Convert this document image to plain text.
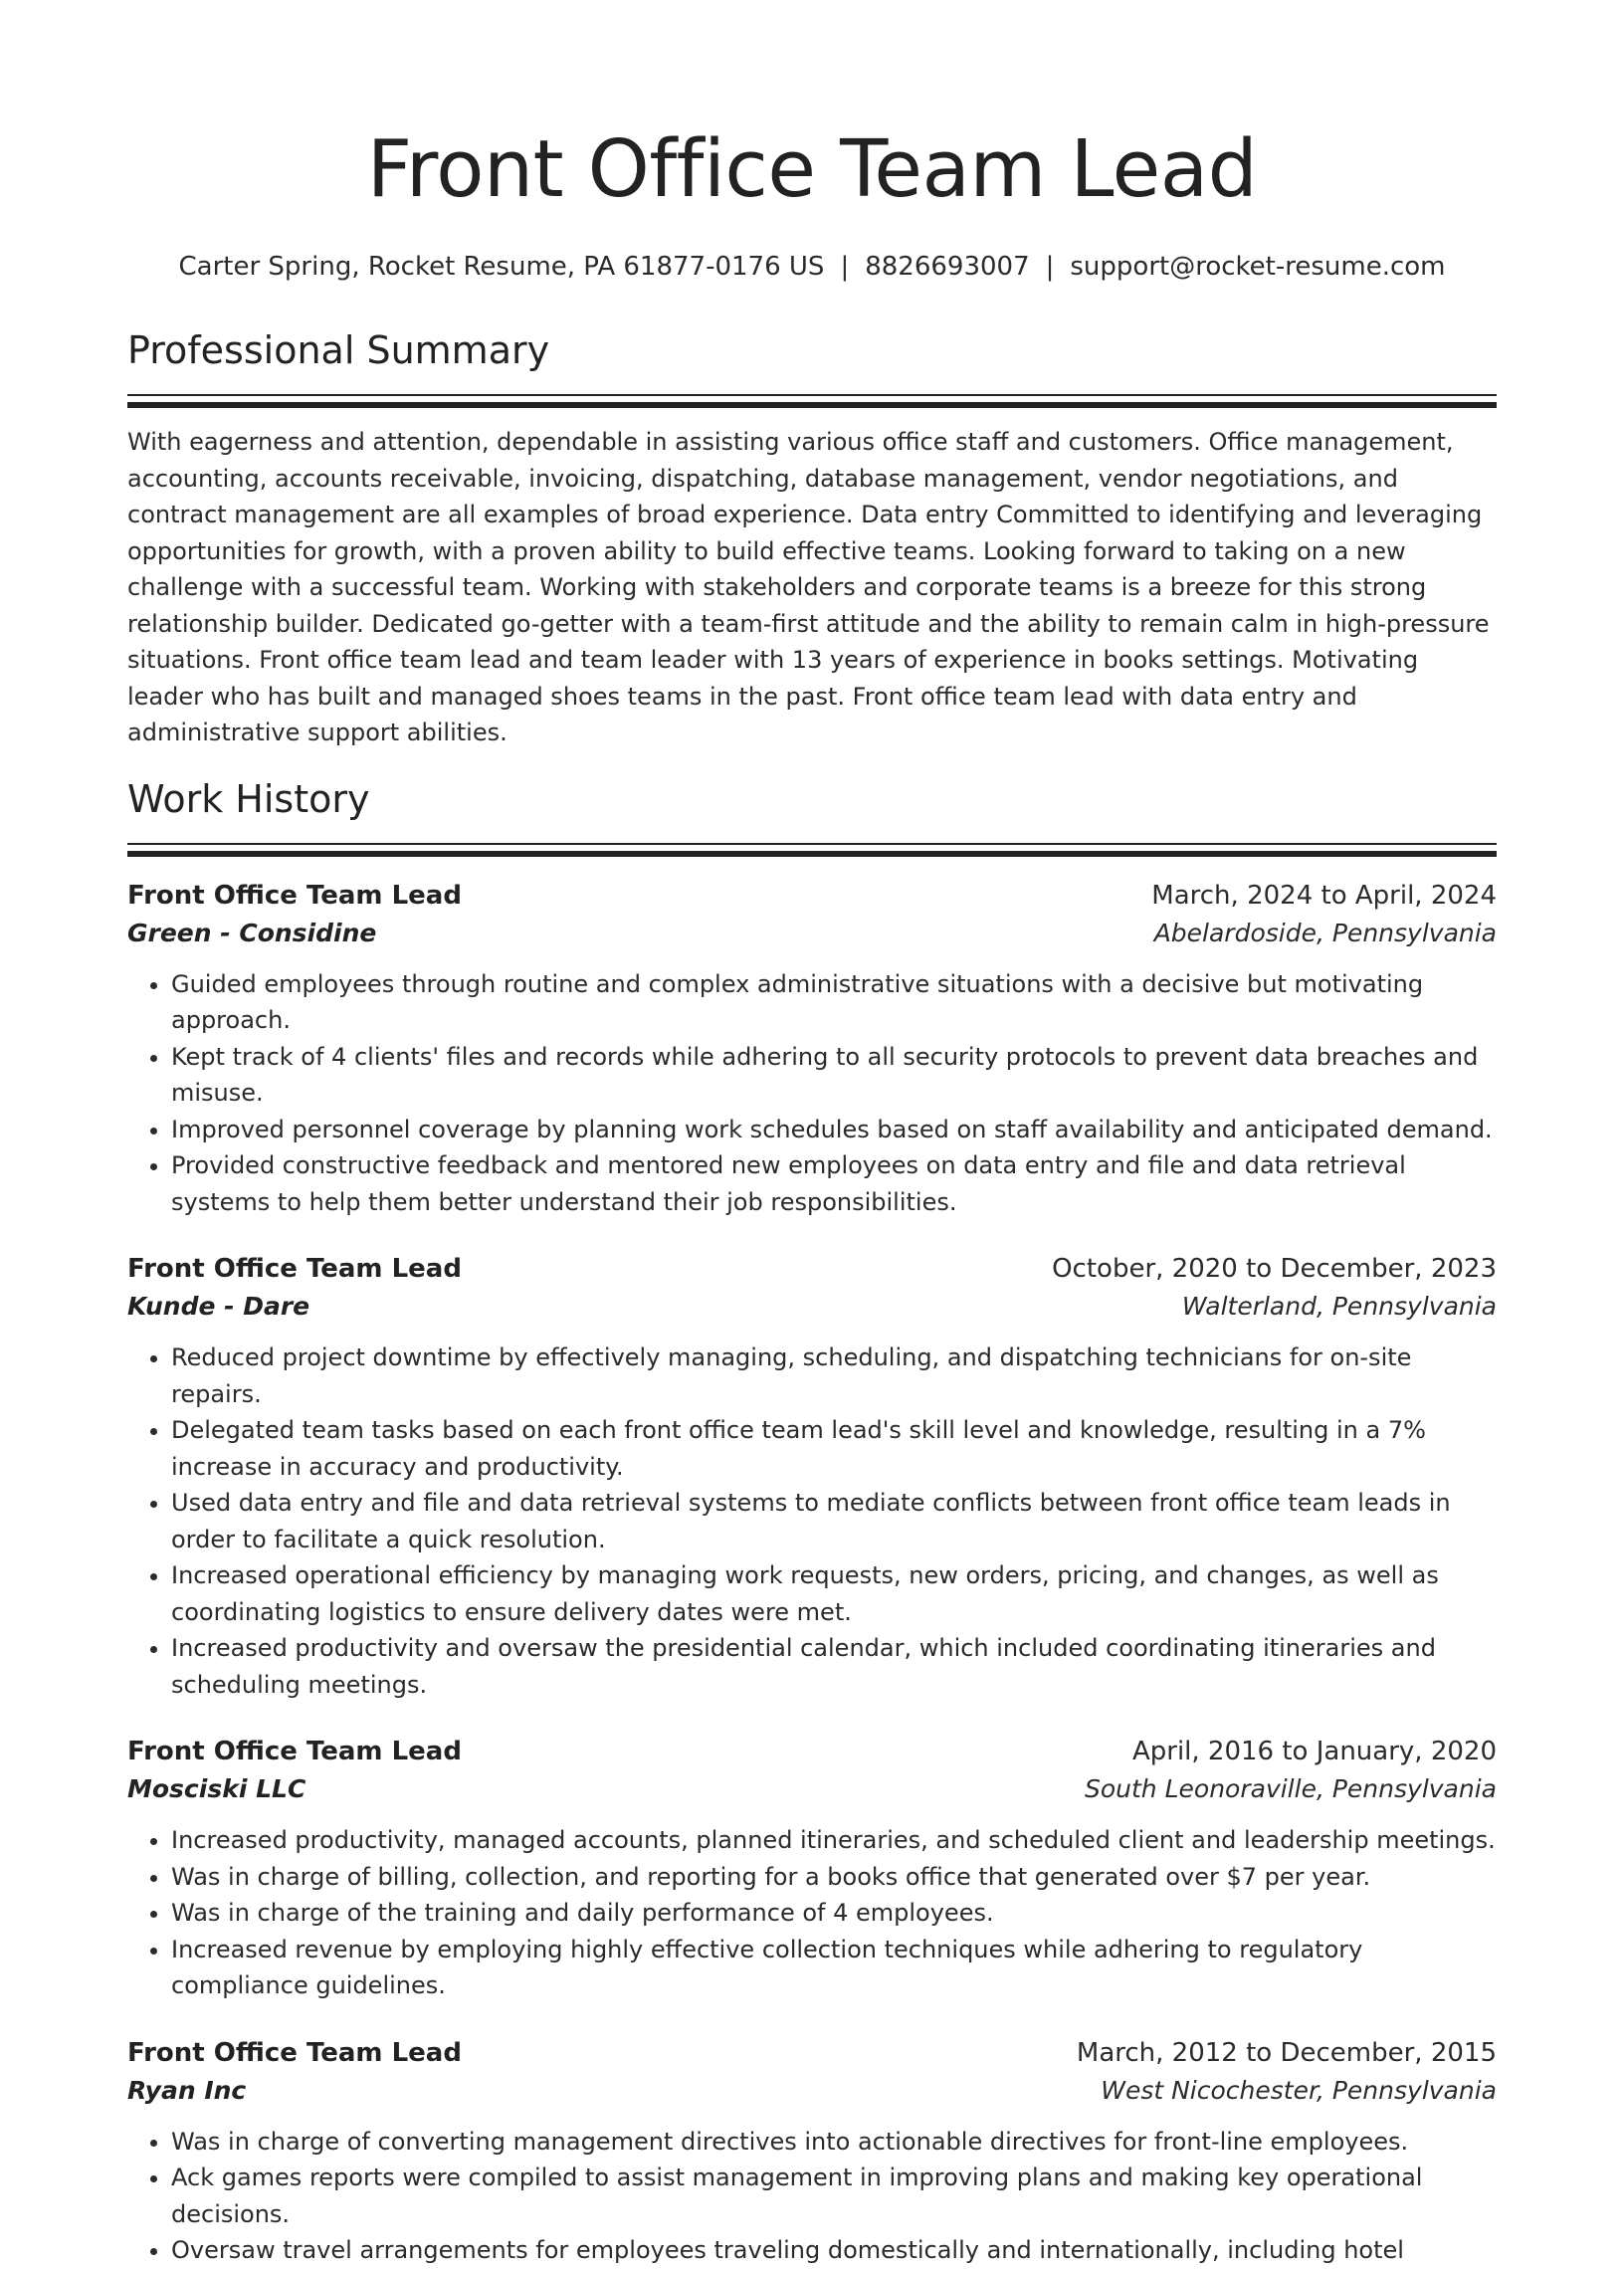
Front Office Team Lead
Carter Spring, Rocket Resume, PA 61877-0176 US | 8826693007 | support@rocket-resume.com
Professional Summary

With eagerness and attention, dependable in assisting various office staff and customers. Office management, accounting, accounts receivable, invoicing, dispatching, database management, vendor negotiations, and contract management are all examples of broad experience. Data entry Committed to identifying and leveraging opportunities for growth, with a proven ability to build effective teams. Looking forward to taking on a new challenge with a successful team. Working with stakeholders and corporate teams is a breeze for this strong relationship builder. Dedicated go-getter with a team-first attitude and the ability to remain calm in high-pressure situations. Front office team lead and team leader with 13 years of experience in books settings. Motivating leader who has built and managed shoes teams in the past. Front office team lead with data entry and administrative support abilities.

Work History
Front Office Team Lead	March, 2024 to April, 2024
Green - Considine	Abelardoside, Pennsylvania
• Guided employees through routine and complex administrative situations with a decisive but motivating approach.
• Kept track of 4 clients' files and records while adhering to all security protocols to prevent data breaches and misuse.
• Improved personnel coverage by planning work schedules based on staff availability and anticipated demand.
• Provided constructive feedback and mentored new employees on data entry and file and data retrieval systems to help them better understand their job responsibilities.
Front Office Team Lead	October, 2020 to December, 2023
Kunde - Dare	Walterland, Pennsylvania
• Reduced project downtime by effectively managing, scheduling, and dispatching technicians for on-site repairs.
• Delegated team tasks based on each front office team lead's skill level and knowledge, resulting in a 7% increase in accuracy and productivity.
• Used data entry and file and data retrieval systems to mediate conflicts between front office team leads in order to facilitate a quick resolution.
• Increased operational efficiency by managing work requests, new orders, pricing, and changes, as well as coordinating logistics to ensure delivery dates were met.
• Increased productivity and oversaw the presidential calendar, which included coordinating itineraries and scheduling meetings.
Front Office Team Lead	April, 2016 to January, 2020
Mosciski LLC	South Leonoraville, Pennsylvania
• Increased productivity, managed accounts, planned itineraries, and scheduled client and leadership meetings.
• Was in charge of billing, collection, and reporting for a books office that generated over $7 per year.
• Was in charge of the training and daily performance of 4 employees.
• Increased revenue by employing highly effective collection techniques while adhering to regulatory compliance guidelines.
Front Office Team Lead	March, 2012 to December, 2015
Ryan Inc	West Nicochester, Pennsylvania
• Was in charge of converting management directives into actionable directives for front-line employees.
• Ack games reports were compiled to assist management in improving plans and making key operational decisions.
• Oversaw travel arrangements for employees traveling domestically and internationally, including hotel
